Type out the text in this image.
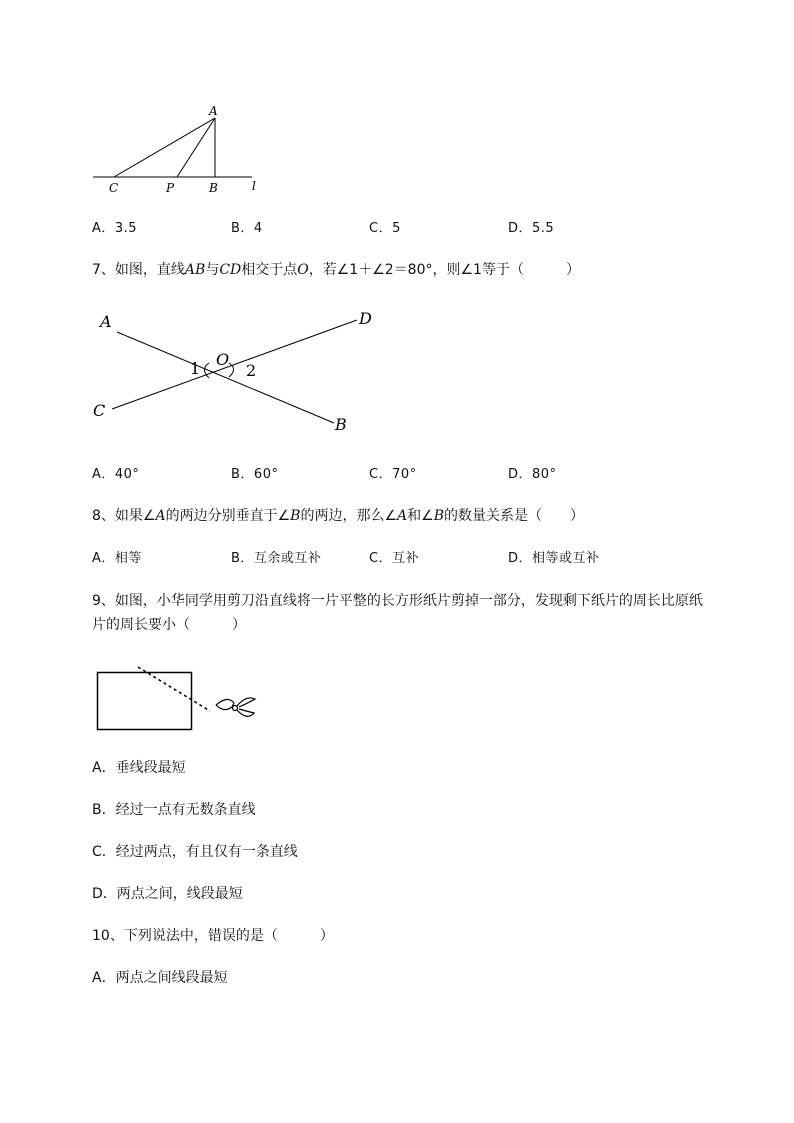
A
C	P	B	l
A．3.5	B．4	C．5	D．5.5
7、如图，直线AB与CD相交于点O，若∠1＋∠2＝80°，则∠1等于（　　　）
A	D
O
1	2
C
B
A．40°	B．60°	C．70°	D．80°
8、如果∠A的两边分别垂直于∠B的两边，那么∠A和∠B的数量关系是（　　）
A．相等	B．互余或互补	C．互补	D．相等或互补
9、如图，小华同学用剪刀沿直线将一片平整的长方形纸片剪掉一部分，发现剩下纸片的周长比原纸
片的周长要小（　　　）
A．垂线段最短
B．经过一点有无数条直线
C．经过两点，有且仅有一条直线
D．两点之间，线段最短
10、下列说法中，错误的是（　　　）
A．两点之间线段最短
